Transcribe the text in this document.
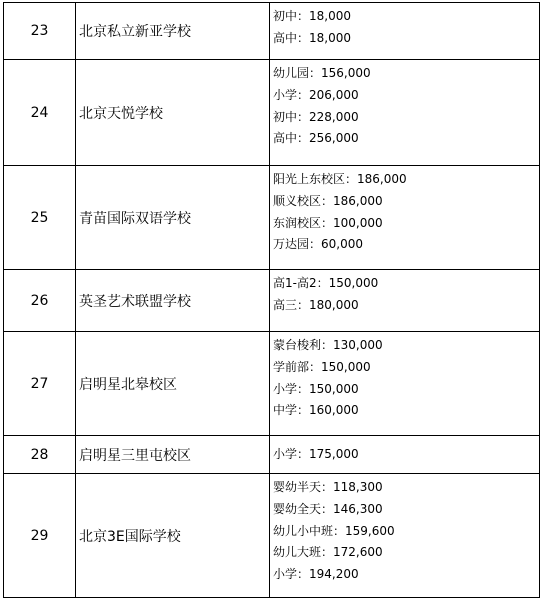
23	北京私立新亚学校	初中：18,000
高中：18,000

24	北京天悦学校	幼儿园：156,000
小学：206,000
初中：228,000
高中：256,000

25	青苗国际双语学校	阳光上东校区：186,000
顺义校区：186,000
东润校区：100,000
万达园：60,000

26	英圣艺术联盟学校	高1-高2：150,000
高三：180,000

27	启明星北皋校区	蒙台梭利：130,000
学前部：150,000
小学：150,000
中学：160,000

28	启明星三里屯校区	小学：175,000

29	北京3E国际学校	婴幼半天：118,300
婴幼全天：146,300
幼儿小中班：159,600
幼儿大班：172,600
小学：194,200
